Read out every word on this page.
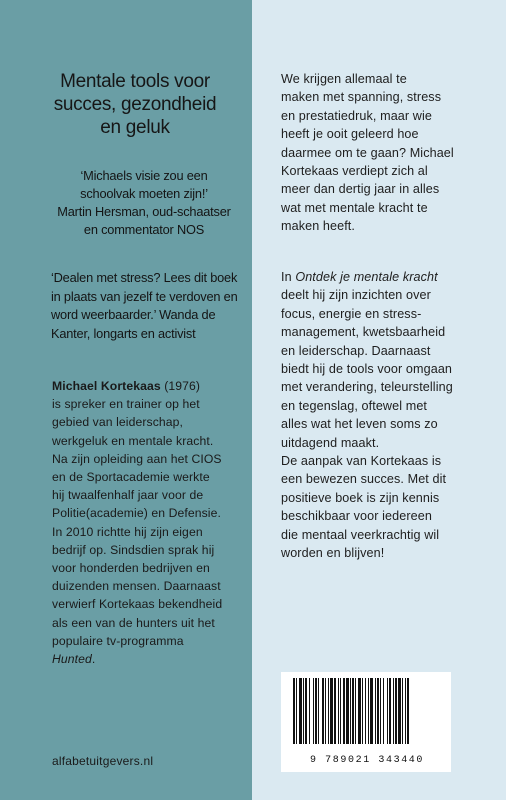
Mentale tools voor
succes, gezondheid
en geluk
‘Michaels visie zou een
schoolvak moeten zijn!’
Martin Hersman, oud-schaatser
en commentator NOS
‘Dealen met stress? Lees dit boek
in plaats van jezelf te verdoven en
word weerbaarder.’ Wanda de
Kanter, longarts en activist
Michael Kortekaas (1976)
is spreker en trainer op het
gebied van leiderschap,
werkgeluk en mentale kracht.
Na zijn opleiding aan het CIOS
en de Sportacademie werkte
hij twaalfenhalf jaar voor de
Politie(academie) en Defensie.
In 2010 richtte hij zijn eigen
bedrijf op. Sindsdien sprak hij
voor honderden bedrijven en
duizenden mensen. Daarnaast
verwierf Kortekaas bekendheid
als een van de hunters uit het
populaire tv-programma
Hunted.
alfabetuitgevers.nl
We krijgen allemaal te
maken met spanning, stress
en prestatiedruk, maar wie
heeft je ooit geleerd hoe
daarmee om te gaan? Michael
Kortekaas verdiept zich al
meer dan dertig jaar in alles
wat met mentale kracht te
maken heeft.
In Ontdek je mentale kracht
deelt hij zijn inzichten over
focus, energie en stress-
management, kwetsbaarheid
en leiderschap. Daarnaast
biedt hij de tools voor omgaan
met verandering, teleurstelling
en tegenslag, oftewel met
alles wat het leven soms zo
uitdagend maakt.
De aanpak van Kortekaas is
een bewezen succes. Met dit
positieve boek is zijn kennis
beschikbaar voor iedereen
die mentaal veerkrachtig wil
worden en blijven!
9 789021 343440
